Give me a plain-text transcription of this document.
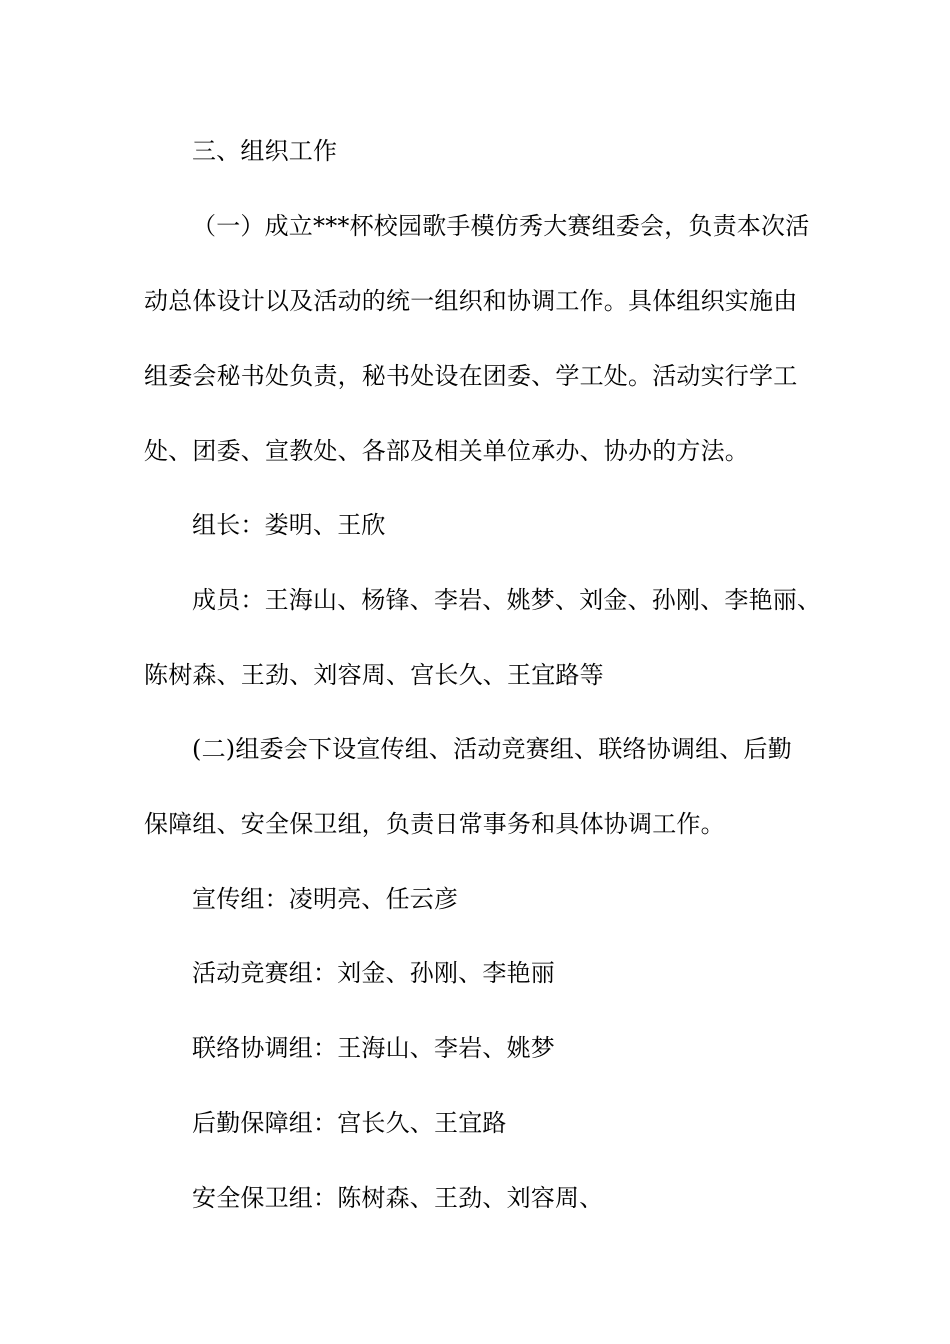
三、组织工作
（一）成立***杯校园歌手模仿秀大赛组委会，负责本次活
动总体设计以及活动的统一组织和协调工作。具体组织实施由
组委会秘书处负责，秘书处设在团委、学工处。活动实行学工
处、团委、宣教处、各部及相关单位承办、协办的方法。
组长：娄明、王欣
成员：王海山、杨锋、李岩、姚梦、刘金、孙刚、李艳丽、
陈树森、王劲、刘容周、宫长久、王宜路等
(二)组委会下设宣传组、活动竞赛组、联络协调组、后勤
保障组、安全保卫组，负责日常事务和具体协调工作。
宣传组：凌明亮、任云彦
活动竞赛组：刘金、孙刚、李艳丽
联络协调组：王海山、李岩、姚梦
后勤保障组：宫长久、王宜路
安全保卫组：陈树森、王劲、刘容周、
